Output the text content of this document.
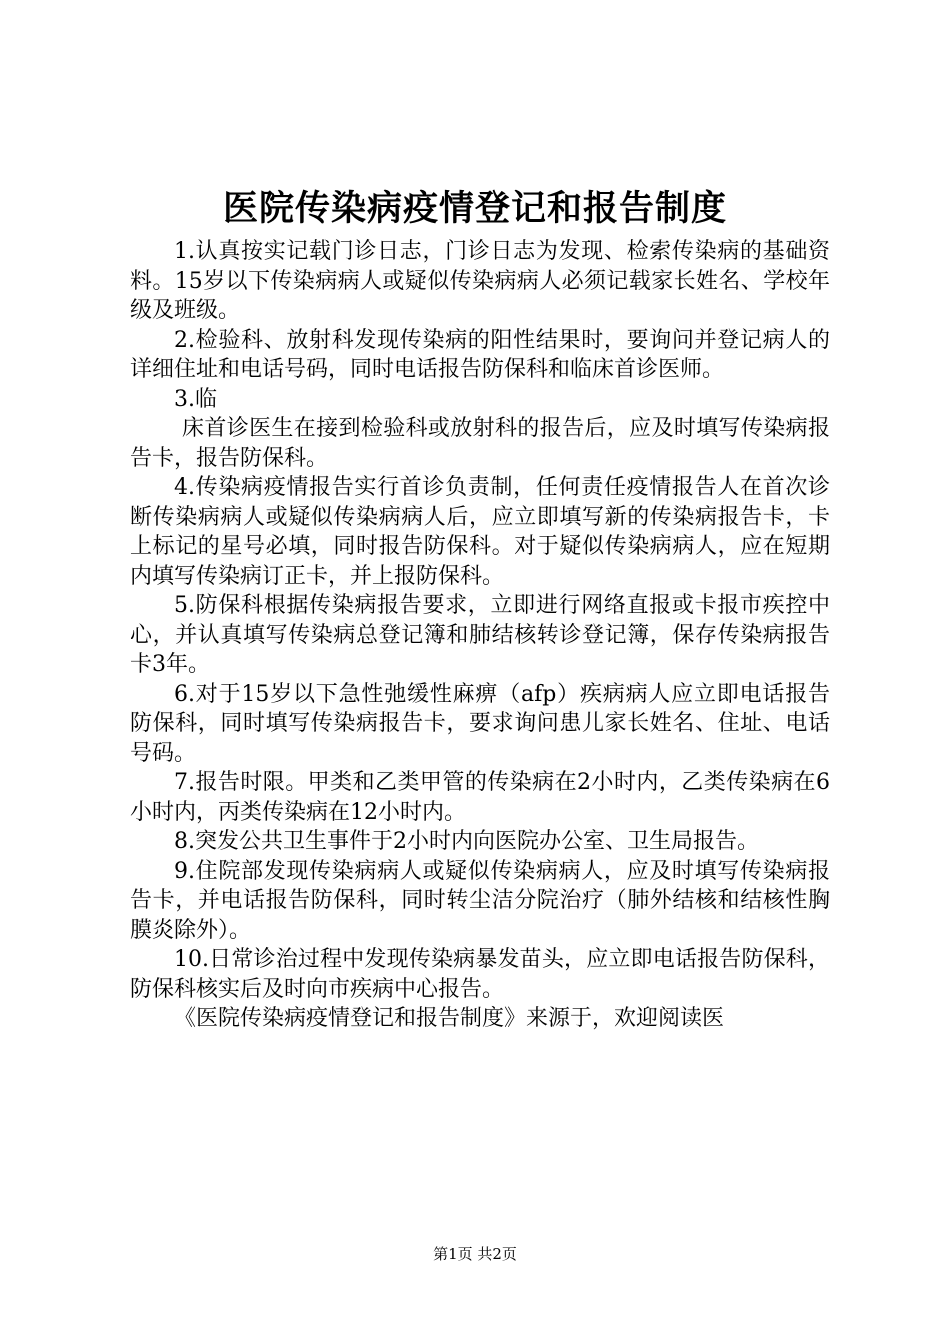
医院传染病疫情登记和报告制度

1.认真按实记载门诊日志，门诊日志为发现、检索传染病的基础资料。15岁以下传染病病人或疑似传染病病人必须记载家长姓名、学校年级及班级。

2.检验科、放射科发现传染病的阳性结果时，要询问并登记病人的详细住址和电话号码，同时电话报告防保科和临床首诊医师。

3.临

床首诊医生在接到检验科或放射科的报告后，应及时填写传染病报告卡，报告防保科。

4.传染病疫情报告实行首诊负责制，任何责任疫情报告人在首次诊断传染病病人或疑似传染病病人后，应立即填写新的传染病报告卡，卡上标记的星号必填，同时报告防保科。对于疑似传染病病人，应在短期内填写传染病订正卡，并上报防保科。

5.防保科根据传染病报告要求，立即进行网络直报或卡报市疾控中心，并认真填写传染病总登记簿和肺结核转诊登记簿，保存传染病报告卡3年。

6.对于15岁以下急性弛缓性麻痹（afp）疾病病人应立即电话报告防保科，同时填写传染病报告卡，要求询问患儿家长姓名、住址、电话号码。

7.报告时限。甲类和乙类甲管的传染病在2小时内，乙类传染病在6小时内，丙类传染病在12小时内。

8.突发公共卫生事件于2小时内向医院办公室、卫生局报告。

9.住院部发现传染病病人或疑似传染病病人，应及时填写传染病报告卡，并电话报告防保科，同时转尘洁分院治疗（肺外结核和结核性胸膜炎除外）。

10.日常诊治过程中发现传染病暴发苗头，应立即电话报告防保科，防保科核实后及时向市疾病中心报告。

《医院传染病疫情登记和报告制度》来源于，欢迎阅读医

第1页 共2页
